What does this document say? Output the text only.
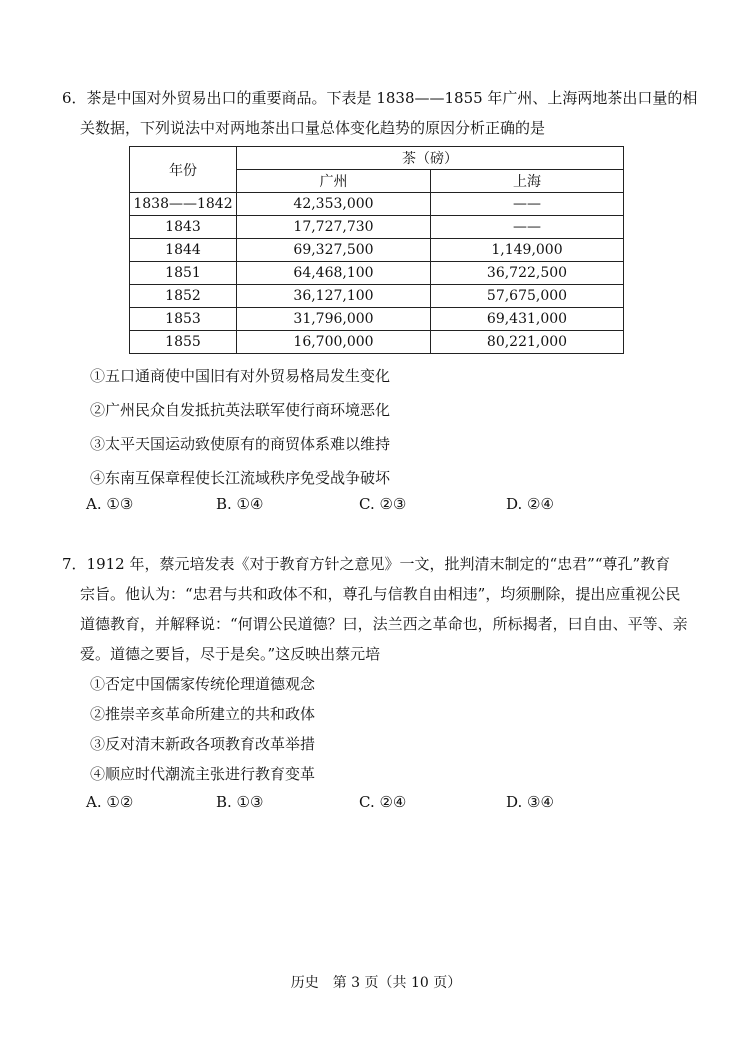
6．茶是中国对外贸易出口的重要商品。下表是 1838——1855 年广州、上海两地茶出口量的相
关数据，下列说法中对两地茶出口量总体变化趋势的原因分析正确的是
年份	茶（磅）	
	广州	上海
1838——1842	42,353,000	——
1843	17,727,730	——
1844	69,327,500	1,149,000
1851	64,468,100	36,722,500
1852	36,127,100	57,675,000
1853	31,796,000	69,431,000
1855	16,700,000	80,221,000
①五口通商使中国旧有对外贸易格局发生变化
②广州民众自发抵抗英法联军使行商环境恶化
③太平天国运动致使原有的商贸体系难以维持
④东南互保章程使长江流域秩序免受战争破坏
A. ①③	B. ①④	C. ②③	D. ②④
7．1912 年，蔡元培发表《对于教育方针之意见》一文，批判清末制定的“忠君”“尊孔”教育
宗旨。他认为：“忠君与共和政体不和，尊孔与信教自由相违”，均须删除，提出应重视公民
道德教育，并解释说：“何谓公民道德？曰，法兰西之革命也，所标揭者，曰自由、平等、亲
爱。道德之要旨，尽于是矣。”这反映出蔡元培
①否定中国儒家传统伦理道德观念
②推崇辛亥革命所建立的共和政体
③反对清末新政各项教育改革举措
④顺应时代潮流主张进行教育变革
A. ①②	B. ①③	C. ②④	D. ③④
历史　第 3 页（共 10 页）
